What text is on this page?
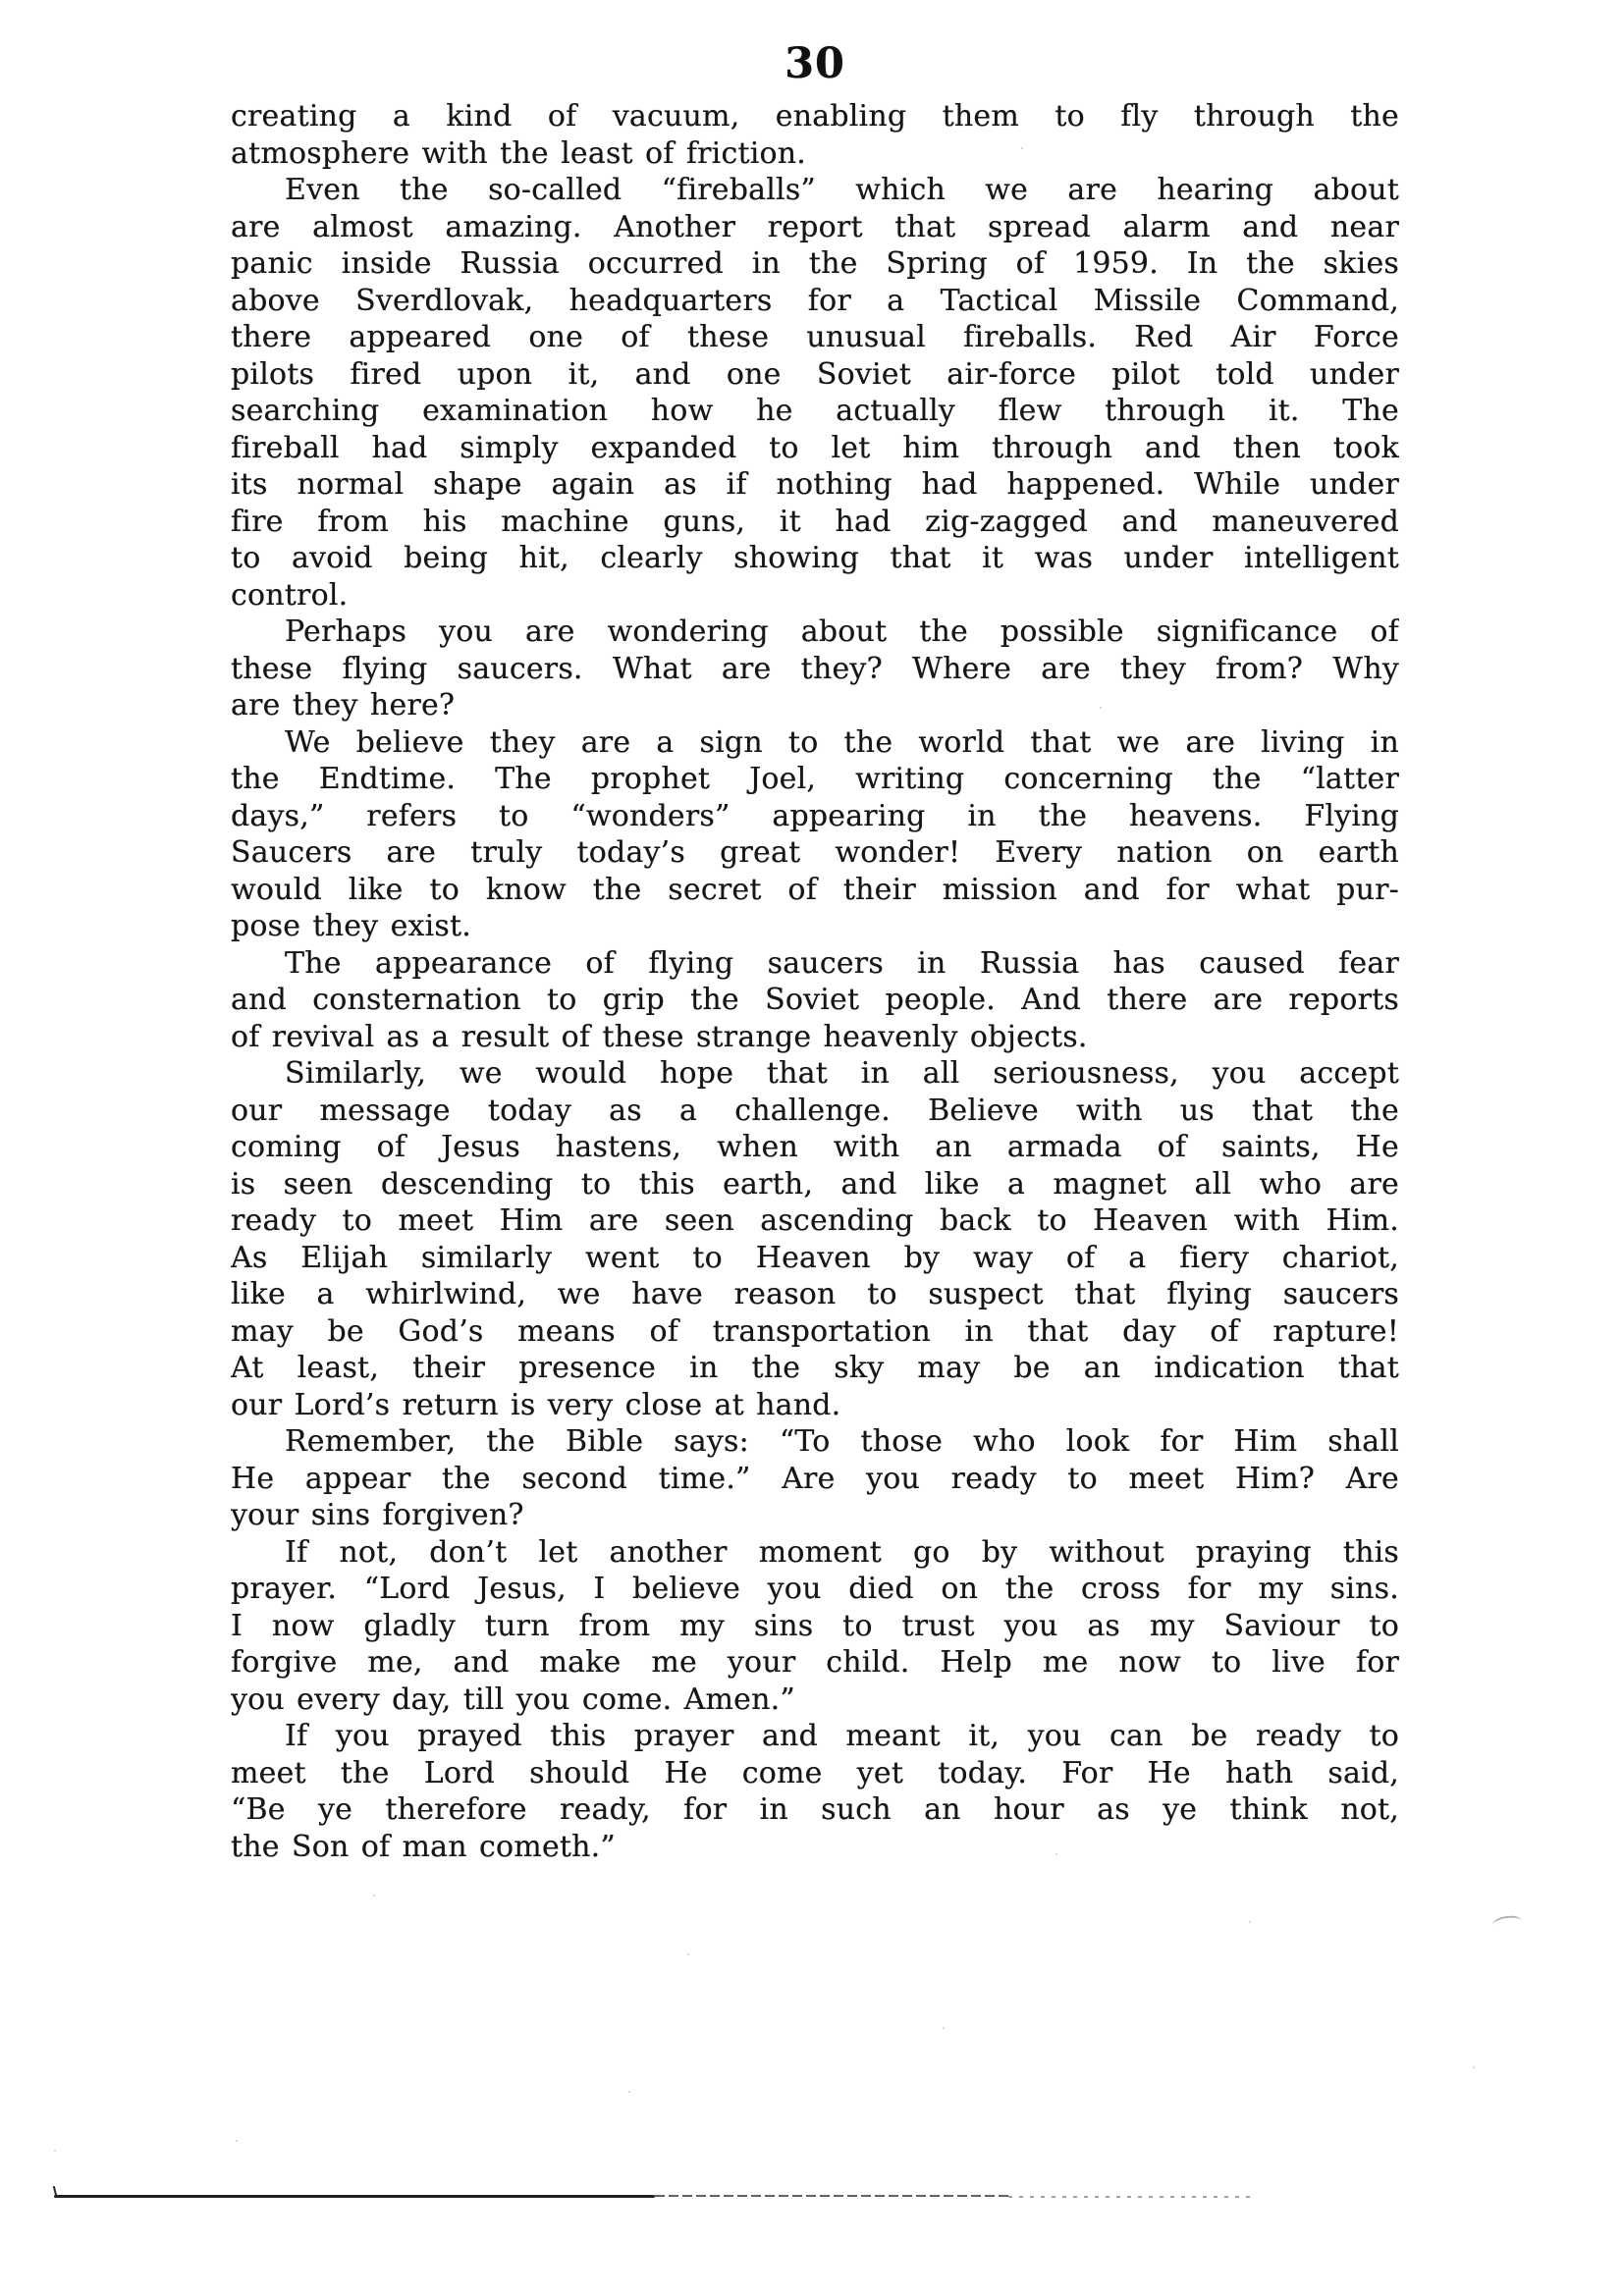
30
creating a kind of vacuum, enabling them to fly through the
atmosphere with the least of friction.
Even the so-called “fireballs” which we are hearing about
are almost amazing. Another report that spread alarm and near
panic inside Russia occurred in the Spring of 1959. In the skies
above Sverdlovak, headquarters for a Tactical Missile Command,
there appeared one of these unusual fireballs. Red Air Force
pilots fired upon it, and one Soviet air-force pilot told under
searching examination how he actually flew through it. The
fireball had simply expanded to let him through and then took
its normal shape again as if nothing had happened. While under
fire from his machine guns, it had zig-zagged and maneuvered
to avoid being hit, clearly showing that it was under intelligent
control.
Perhaps you are wondering about the possible significance of
these flying saucers. What are they? Where are they from? Why
are they here?
We believe they are a sign to the world that we are living in
the Endtime. The prophet Joel, writing concerning the “latter
days,” refers to “wonders” appearing in the heavens. Flying
Saucers are truly today’s great wonder! Every nation on earth
would like to know the secret of their mission and for what pur-
pose they exist.
The appearance of flying saucers in Russia has caused fear
and consternation to grip the Soviet people. And there are reports
of revival as a result of these strange heavenly objects.
Similarly, we would hope that in all seriousness, you accept
our message today as a challenge. Believe with us that the
coming of Jesus hastens, when with an armada of saints, He
is seen descending to this earth, and like a magnet all who are
ready to meet Him are seen ascending back to Heaven with Him.
As Elijah similarly went to Heaven by way of a fiery chariot,
like a whirlwind, we have reason to suspect that flying saucers
may be God’s means of transportation in that day of rapture!
At least, their presence in the sky may be an indication that
our Lord’s return is very close at hand.
Remember, the Bible says: “To those who look for Him shall
He appear the second time.” Are you ready to meet Him? Are
your sins forgiven?
If not, don’t let another moment go by without praying this
prayer. “Lord Jesus, I believe you died on the cross for my sins.
I now gladly turn from my sins to trust you as my Saviour to
forgive me, and make me your child. Help me now to live for
you every day, till you come. Amen.”
If you prayed this prayer and meant it, you can be ready to
meet the Lord should He come yet today. For He hath said,
“Be ye therefore ready, for in such an hour as ye think not,
the Son of man cometh.”
